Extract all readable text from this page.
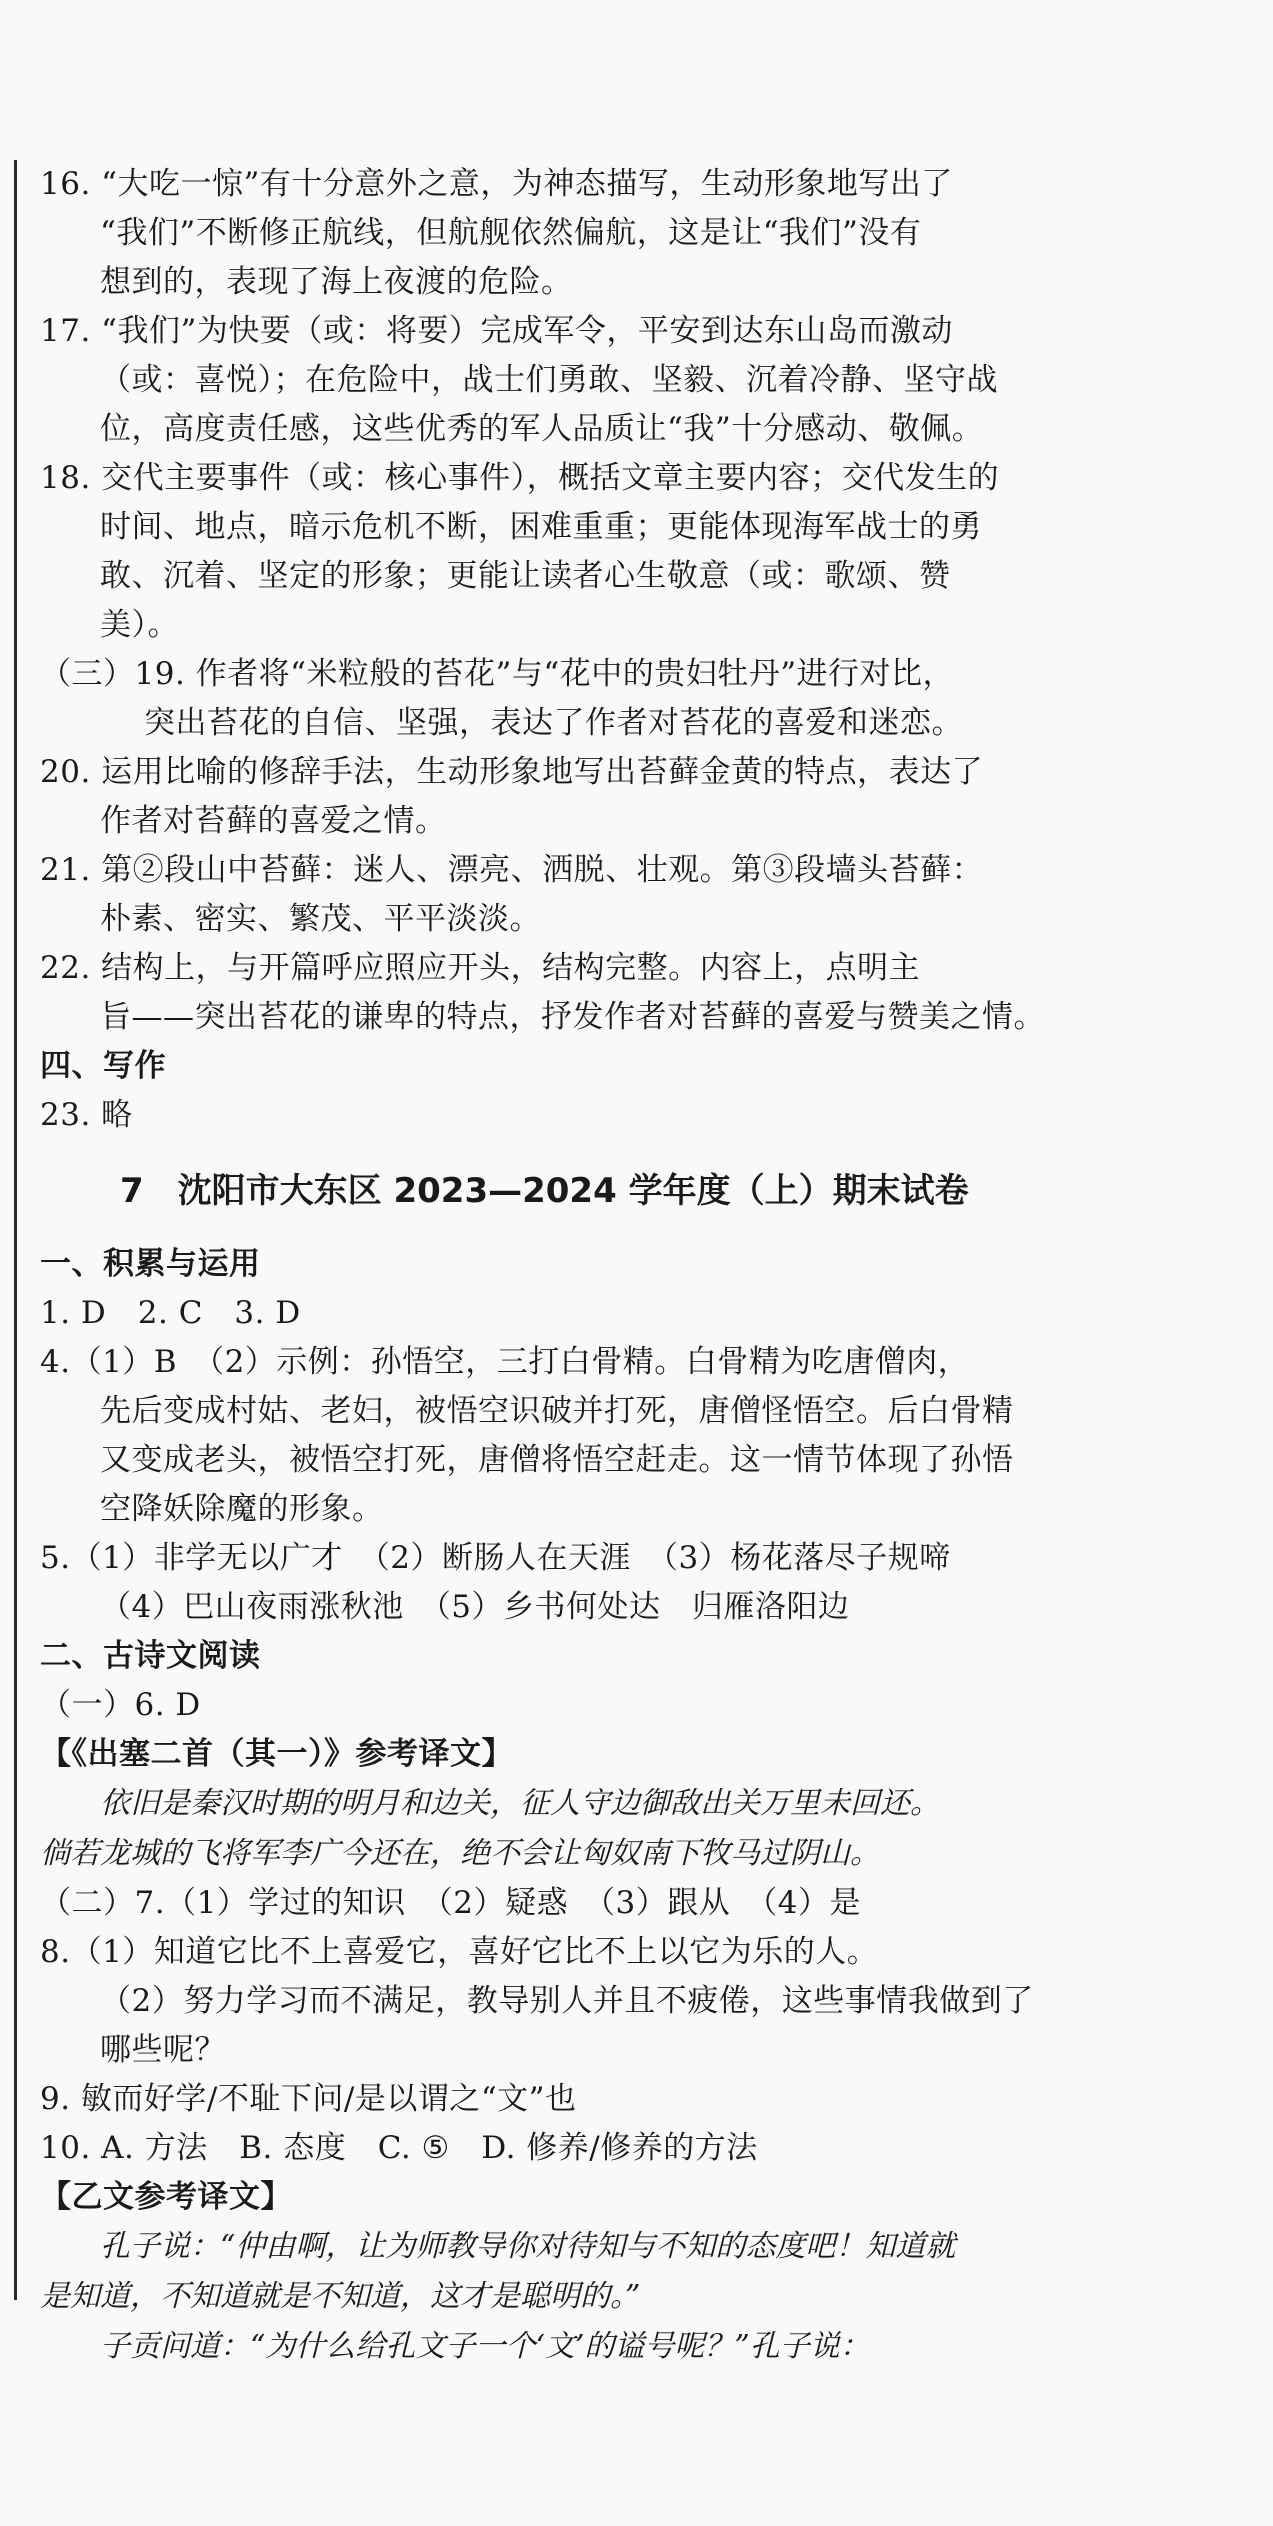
16. “大吃一惊”有十分意外之意，为神态描写，生动形象地写出了
“我们”不断修正航线，但航舰依然偏航，这是让“我们”没有
想到的，表现了海上夜渡的危险。
17. “我们”为快要（或：将要）完成军令，平安到达东山岛而激动
（或：喜悦）；在危险中，战士们勇敢、坚毅、沉着冷静、坚守战
位，高度责任感，这些优秀的军人品质让“我”十分感动、敬佩。
18. 交代主要事件（或：核心事件），概括文章主要内容；交代发生的
时间、地点，暗示危机不断，困难重重；更能体现海军战士的勇
敢、沉着、坚定的形象；更能让读者心生敬意（或：歌颂、赞
美）。
（三）19. 作者将“米粒般的苔花”与“花中的贵妇牡丹”进行对比，
突出苔花的自信、坚强，表达了作者对苔花的喜爱和迷恋。
20. 运用比喻的修辞手法，生动形象地写出苔藓金黄的特点，表达了
作者对苔藓的喜爱之情。
21. 第②段山中苔藓：迷人、漂亮、洒脱、壮观。第③段墙头苔藓：
朴素、密实、繁茂、平平淡淡。
22. 结构上，与开篇呼应照应开头，结构完整。内容上，点明主
旨——突出苔花的谦卑的特点，抒发作者对苔藓的喜爱与赞美之情。
四、写作
23. 略
7　沈阳市大东区 2023—2024 学年度（上）期末试卷
一、积累与运用
1. D　2. C　3. D
4.（1）B　（2）示例：孙悟空，三打白骨精。白骨精为吃唐僧肉，
先后变成村姑、老妇，被悟空识破并打死，唐僧怪悟空。后白骨精
又变成老头，被悟空打死，唐僧将悟空赶走。这一情节体现了孙悟
空降妖除魔的形象。
5.（1）非学无以广才　（2）断肠人在天涯　（3）杨花落尽子规啼
（4）巴山夜雨涨秋池　（5）乡书何处达　归雁洛阳边
二、古诗文阅读
（一）6. D
【《出塞二首（其一）》参考译文】
依旧是秦汉时期的明月和边关，征人守边御敌出关万里未回还。
倘若龙城的飞将军李广今还在，绝不会让匈奴南下牧马过阴山。
（二）7.（1）学过的知识　（2）疑惑　（3）跟从　（4）是
8.（1）知道它比不上喜爱它，喜好它比不上以它为乐的人。
（2）努力学习而不满足，教导别人并且不疲倦，这些事情我做到了
哪些呢？
9. 敏而好学/不耻下问/是以谓之“文”也
10. A. 方法　B. 态度　C. ⑤　D. 修养/修养的方法
【乙文参考译文】
孔子说：“仲由啊，让为师教导你对待知与不知的态度吧！知道就
是知道，不知道就是不知道，这才是聪明的。”
子贡问道：“为什么给孔文子一个‘文’的谥号呢？”孔子说：
